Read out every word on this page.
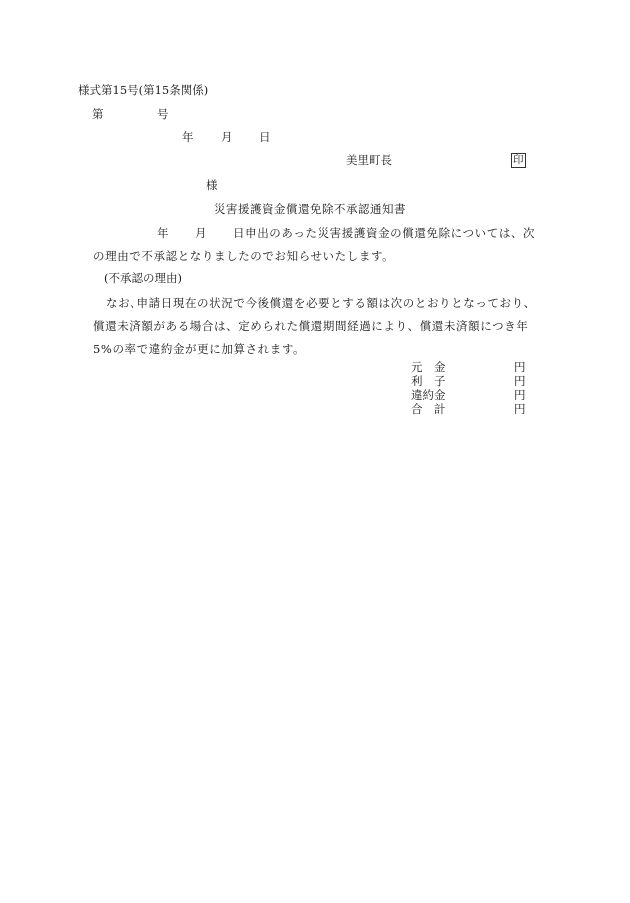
様式第15号(第15条関係)
第	号
年 月 日
美里町長	印
様
災害援護資金償還免除不承認通知書
年 月 日申出のあった災害援護資金の償還免除については、次
の理由で不承認となりましたのでお知らせいたします。
(不承認の理由)
なお､申請日現在の状況で今後償還を必要とする額は次のとおりとなっており、
償還未済額がある場合は、定められた償還期間経過により、償還未済額につき年
5%の率で違約金が更に加算されます。
元　金	円
利　子	円
違約金	円
合　計	円
